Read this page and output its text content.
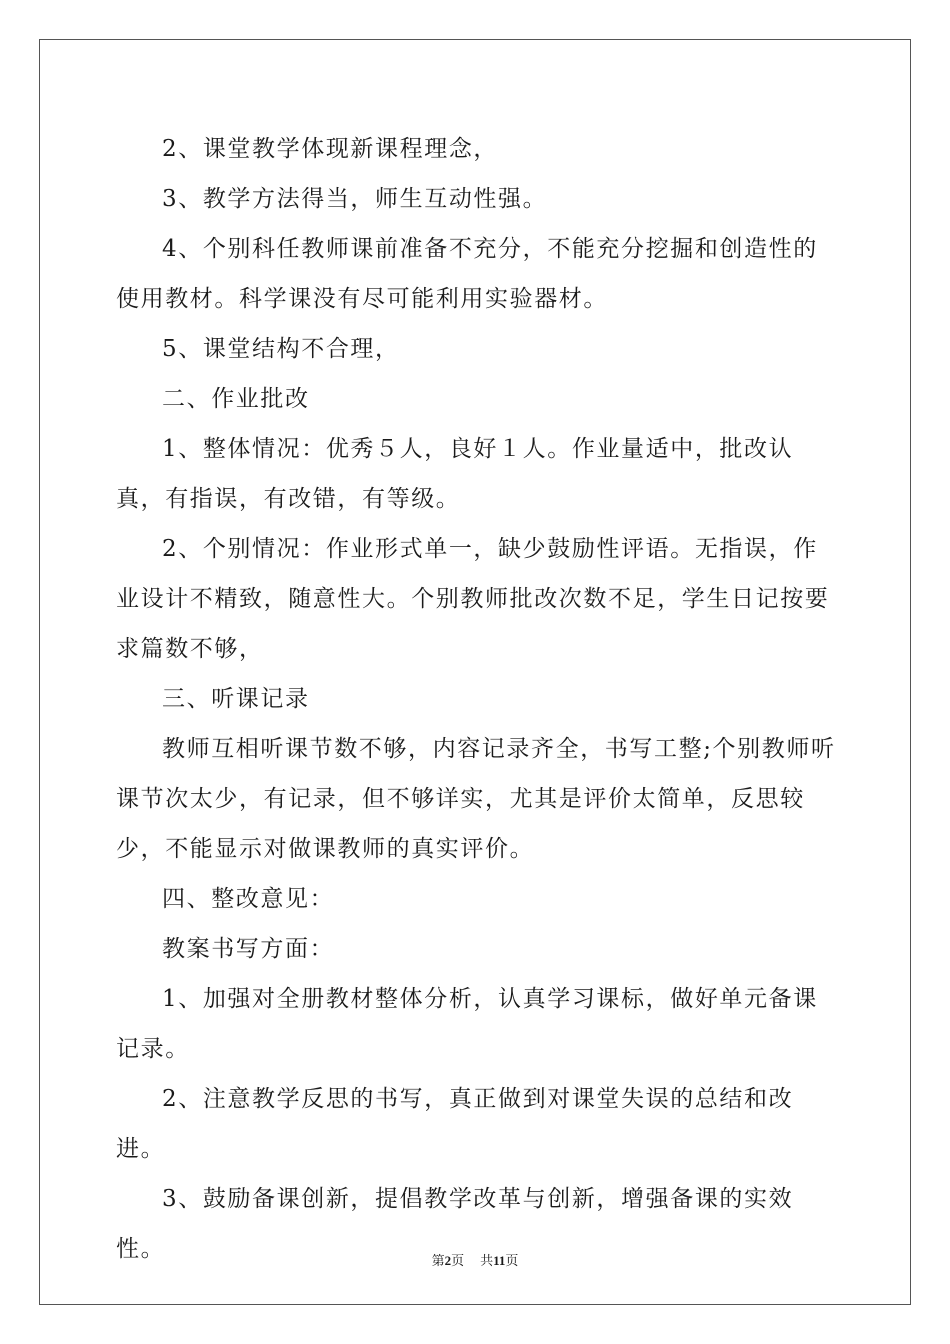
2、课堂教学体现新课程理念，

3、教学方法得当，师生互动性强。

4、个别科任教师课前准备不充分，不能充分挖掘和创造性的使用教材。科学课没有尽可能利用实验器材。

5、课堂结构不合理，

二、作业批改

1、整体情况：优秀５人，良好１人。作业量适中，批改认真，有指误，有改错，有等级。

2、个别情况：作业形式单一，缺少鼓励性评语。无指误，作业设计不精致，随意性大。个别教师批改次数不足，学生日记按要求篇数不够，

三、听课记录

教师互相听课节数不够，内容记录齐全，书写工整;个别教师听课节次太少，有记录，但不够详实，尤其是评价太简单，反思较少，不能显示对做课教师的真实评价。

四、整改意见：

教案书写方面：

1、加强对全册教材整体分析，认真学习课标，做好单元备课记录。

2、注意教学反思的书写，真正做到对课堂失误的总结和改进。

3、鼓励备课创新，提倡教学改革与创新，增强备课的实效性。	第2页 共11页
